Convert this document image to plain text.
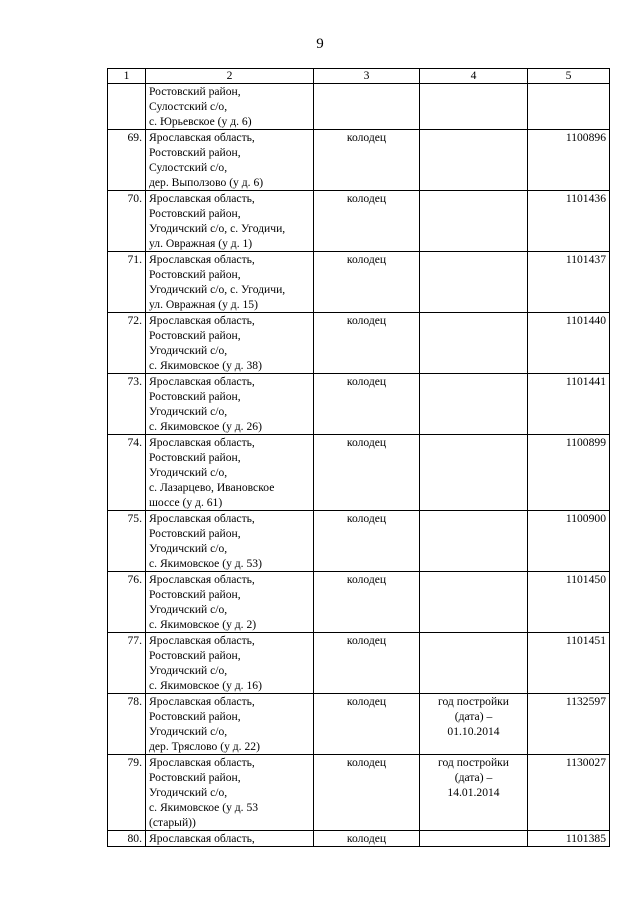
9
1	2	3	4	5
	Ростовский район,
Сулостский с/о,
с. Юрьевское (у д. 6)			
69.	Ярославская область,
Ростовский район,
Сулостский с/о,
дер. Выползово (у д. 6)	колодец		1100896
70.	Ярославская область,
Ростовский район,
Угодичский с/о, с. Угодичи,
ул. Овражная (у д. 1)	колодец		1101436
71.	Ярославская область,
Ростовский район,
Угодичский с/о, с. Угодичи,
ул. Овражная (у д. 15)	колодец		1101437
72.	Ярославская область,
Ростовский район,
Угодичский с/о,
с. Якимовское (у д. 38)	колодец		1101440
73.	Ярославская область,
Ростовский район,
Угодичский с/о,
с. Якимовское (у д. 26)	колодец		1101441
74.	Ярославская область,
Ростовский район,
Угодичский с/о,
с. Лазарцево, Ивановское
шоссе (у д. 61)	колодец		1100899
75.	Ярославская область,
Ростовский район,
Угодичский с/о,
с. Якимовское (у д. 53)	колодец		1100900
76.	Ярославская область,
Ростовский район,
Угодичский с/о,
с. Якимовское (у д. 2)	колодец		1101450
77.	Ярославская область,
Ростовский район,
Угодичский с/о,
с. Якимовское (у д. 16)	колодец		1101451
78.	Ярославская область,
Ростовский район,
Угодичский с/о,
дер. Тряслово (у д. 22)	колодец	год постройки
(дата) –
01.10.2014	1132597
79.	Ярославская область,
Ростовский район,
Угодичский с/о,
с. Якимовское (у д. 53
(старый))	колодец	год постройки
(дата) –
14.01.2014	1130027
80.	Ярославская область,	колодец		1101385
